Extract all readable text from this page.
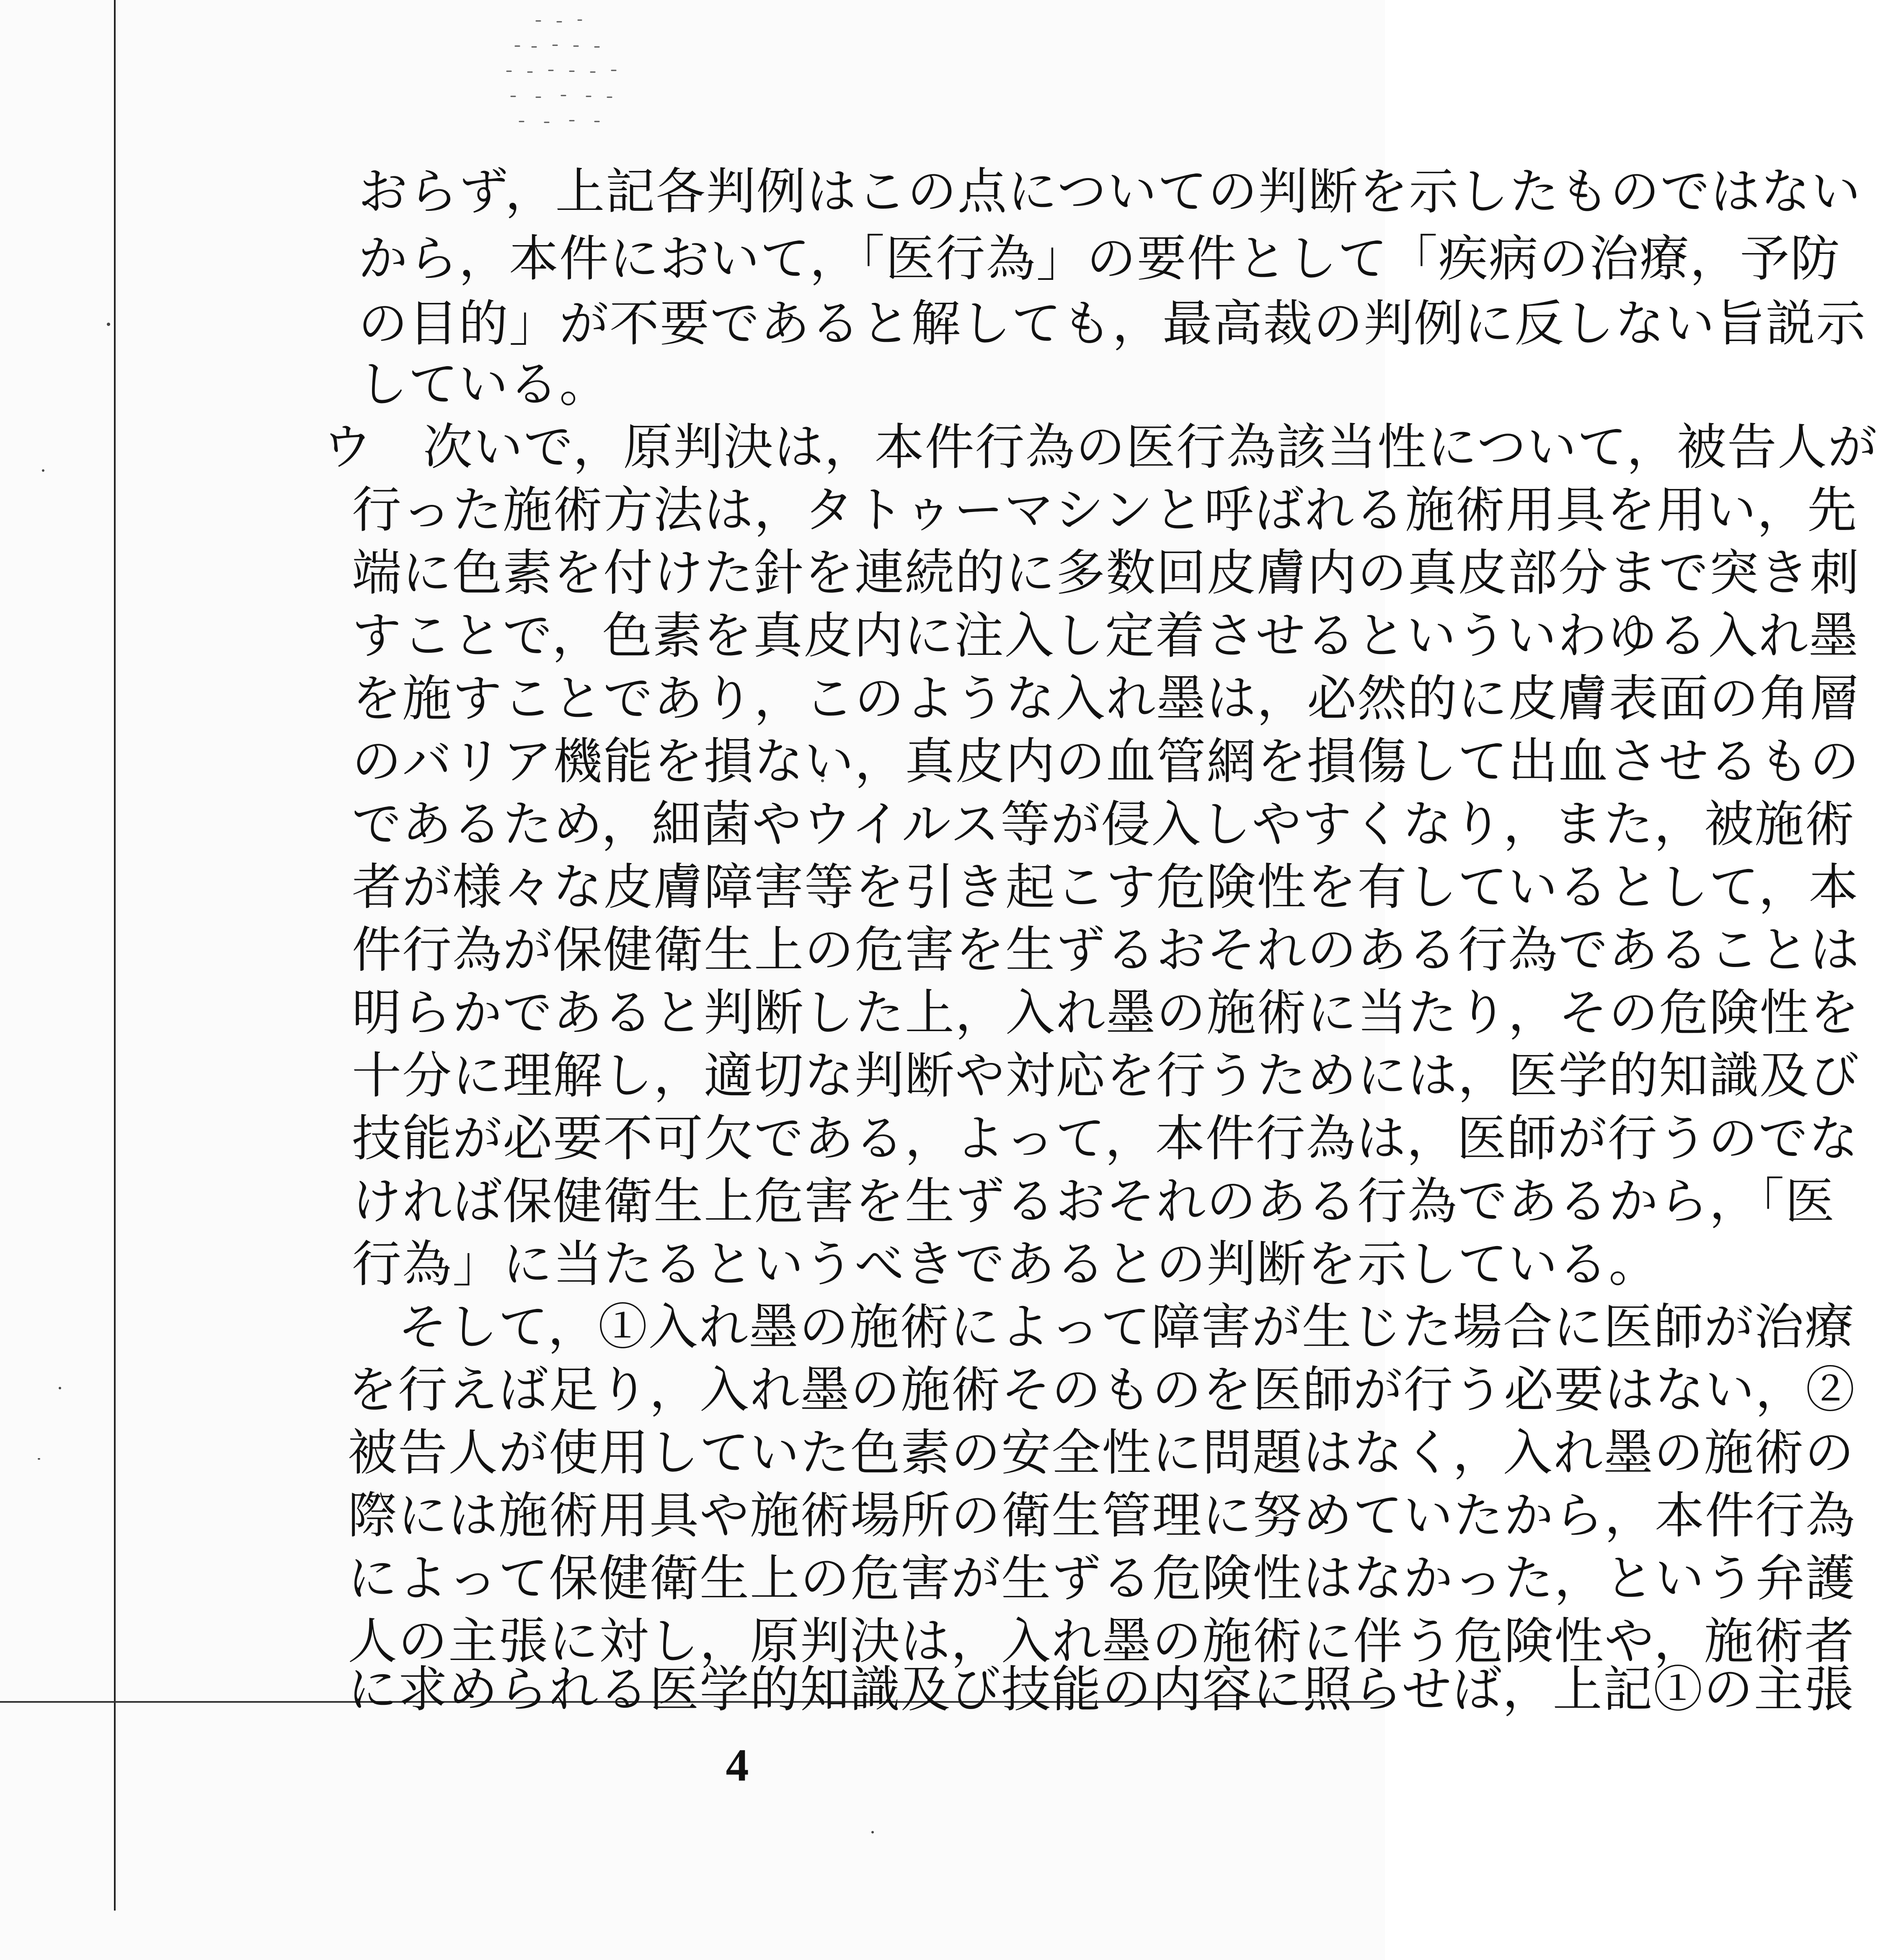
おらず，上記各判例はこの点についての判断を示したものではない
から，本件において，「医行為」の要件として「疾病の治療，予防
の目的」が不要であると解しても，最高裁の判例に反しない旨説示
している。
ウ　次いで，原判決は，本件行為の医行為該当性について，被告人が
行った施術方法は，タトゥーマシンと呼ばれる施術用具を用い，先
端に色素を付けた針を連続的に多数回皮膚内の真皮部分まで突き刺
すことで，色素を真皮内に注入し定着させるといういわゆる入れ墨
を施すことであり，このような入れ墨は，必然的に皮膚表面の角層
のバリア機能を損ない，真皮内の血管網を損傷して出血させるもの
であるため，細菌やウイルス等が侵入しやすくなり，また，被施術
者が様々な皮膚障害等を引き起こす危険性を有しているとして，本
件行為が保健衛生上の危害を生ずるおそれのある行為であることは
明らかであると判断した上，入れ墨の施術に当たり，その危険性を
十分に理解し，適切な判断や対応を行うためには，医学的知識及び
技能が必要不可欠である，よって，本件行為は，医師が行うのでな
ければ保健衛生上危害を生ずるおそれのある行為であるから，「医
行為」に当たるというべきであるとの判断を示している。
そして，①入れ墨の施術によって障害が生じた場合に医師が治療
を行えば足り，入れ墨の施術そのものを医師が行う必要はない，②
被告人が使用していた色素の安全性に問題はなく，入れ墨の施術の
際には施術用具や施術場所の衛生管理に努めていたから，本件行為
によって保健衛生上の危害が生ずる危険性はなかった，という弁護
人の主張に対し，原判決は，入れ墨の施術に伴う危険性や，施術者
に求められる医学的知識及び技能の内容に照らせば，上記①の主張
4
